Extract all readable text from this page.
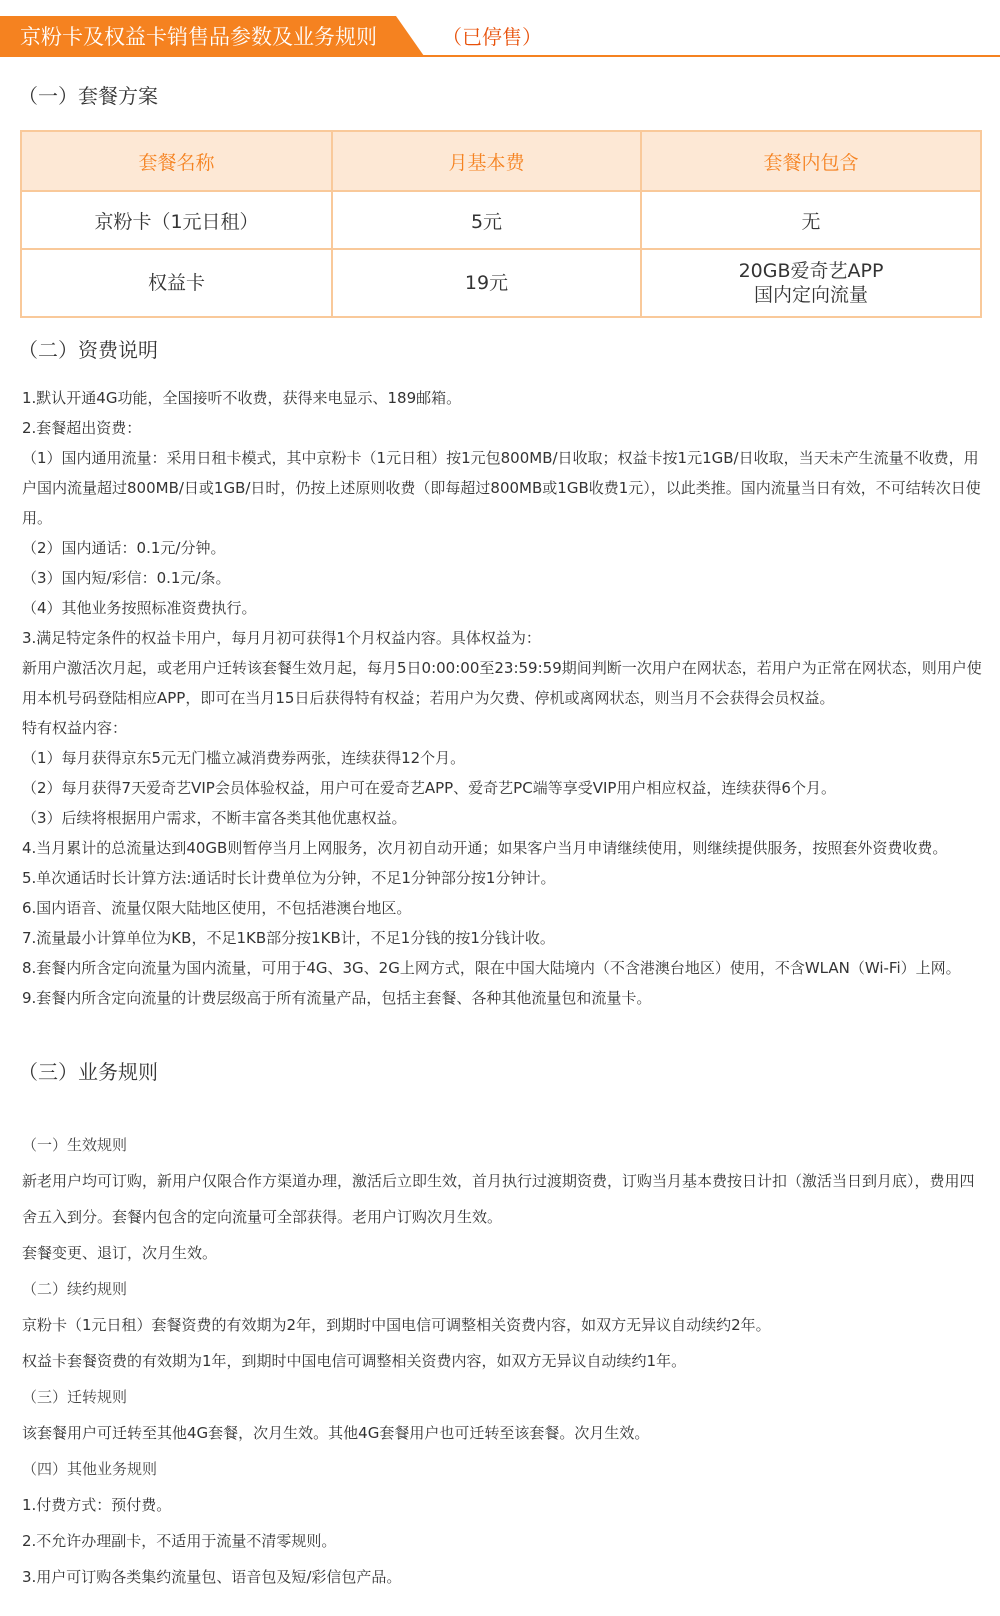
京粉卡及权益卡销售品参数及业务规则	（已停售）
（一）套餐方案
套餐名称	月基本费	套餐内包含
京粉卡（1元日租）	5元	无
权益卡	19元	20GB爱奇艺APP
国内定向流量
（二）资费说明

1.默认开通4G功能，全国接听不收费，获得来电显示、189邮箱。

2.套餐超出资费：

（1）国内通用流量：采用日租卡模式，其中京粉卡（1元日租）按1元包800MB/日收取；权益卡按1元1GB/日收取，当天未产生流量不收费，用户国内流量超过800MB/日或1GB/日时，仍按上述原则收费（即每超过800MB或1GB收费1元），以此类推。国内流量当日有效，不可结转次日使用。

（2）国内通话：0.1元/分钟。

（3）国内短/彩信：0.1元/条。

（4）其他业务按照标准资费执行。

3.满足特定条件的权益卡用户，每月月初可获得1个月权益内容。具体权益为：

新用户激活次月起，或老用户迁转该套餐生效月起，每月5日0:00:00至23:59:59期间判断一次用户在网状态，若用户为正常在网状态，则用户使用本机号码登陆相应APP，即可在当月15日后获得特有权益；若用户为欠费、停机或离网状态，则当月不会获得会员权益。

特有权益内容：

（1）每月获得京东5元无门槛立减消费券两张，连续获得12个月。

（2）每月获得7天爱奇艺VIP会员体验权益，用户可在爱奇艺APP、爱奇艺PC端等享受VIP用户相应权益，连续获得6个月。

（3）后续将根据用户需求，不断丰富各类其他优惠权益。

4.当月累计的总流量达到40GB则暂停当月上网服务，次月初自动开通；如果客户当月申请继续使用，则继续提供服务，按照套外资费收费。

5.单次通话时长计算方法:通话时长计费单位为分钟，不足1分钟部分按1分钟计。

6.国内语音、流量仅限大陆地区使用，不包括港澳台地区。

7.流量最小计算单位为KB，不足1KB部分按1KB计，不足1分钱的按1分钱计收。

8.套餐内所含定向流量为国内流量，可用于4G、3G、2G上网方式，限在中国大陆境内（不含港澳台地区）使用，不含WLAN（Wi-Fi）上网。

9.套餐内所含定向流量的计费层级高于所有流量产品，包括主套餐、各种其他流量包和流量卡。

（三）业务规则

（一）生效规则

新老用户均可订购，新用户仅限合作方渠道办理，激活后立即生效，首月执行过渡期资费，订购当月基本费按日计扣（激活当日到月底），费用四舍五入到分。套餐内包含的定向流量可全部获得。老用户订购次月生效。

套餐变更、退订，次月生效。

（二）续约规则

京粉卡（1元日租）套餐资费的有效期为2年，到期时中国电信可调整相关资费内容，如双方无异议自动续约2年。

权益卡套餐资费的有效期为1年，到期时中国电信可调整相关资费内容，如双方无异议自动续约1年。

（三）迁转规则

该套餐用户可迁转至其他4G套餐，次月生效。其他4G套餐用户也可迁转至该套餐。次月生效。

（四）其他业务规则

1.付费方式：预付费。

2.不允许办理副卡，不适用于流量不清零规则。

3.用户可订购各类集约流量包、语音包及短/彩信包产品。
